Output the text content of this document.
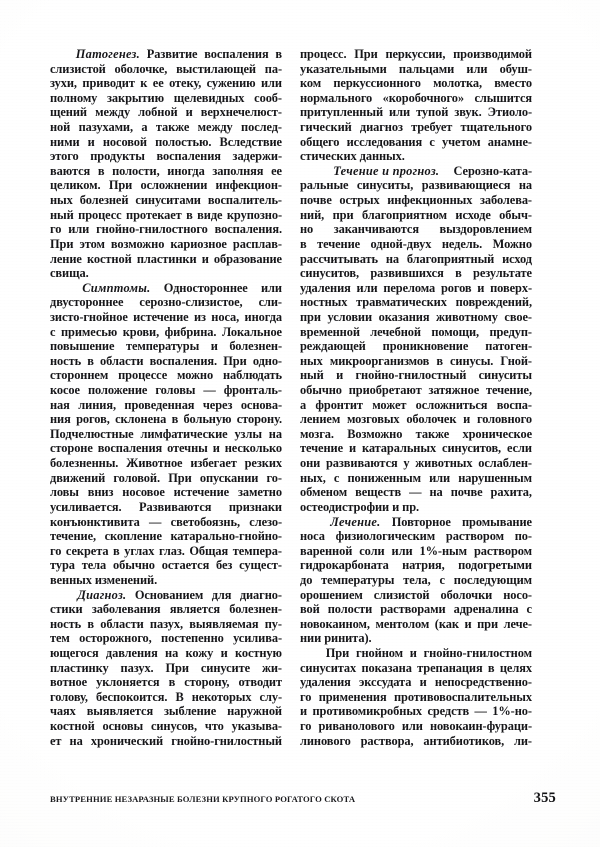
Патогенез. Развитие воспаления в
слизистой оболочке, выстилающей па-
зухи, приводит к ее отеку, сужению или
полному закрытию щелевидных сооб-
щений между лобной и верхнечелюст-
ной пазухами, а также между послед-
ними и носовой полостью. Вследствие
этого продукты воспаления задержи-
ваются в полости, иногда заполняя ее
целиком. При осложнении инфекцион-
ных болезней синуситами воспалитель-
ный процесс протекает в виде крупозно-
го или гнойно-гнилостного воспаления.
При этом возможно кариозное расплав-
ление костной пластинки и образование
свища.
Симптомы. Одностороннее или
двустороннее серозно-слизистое, сли-
зисто-гнойное истечение из носа, иногда
с примесью крови, фибрина. Локальное
повышение температуры и болезнен-
ность в области воспаления. При одно-
стороннем процессе можно наблюдать
косое положение головы — фронталь-
ная линия, проведенная через основа-
ния рогов, склонена в больную сторону.
Подчелюстные лимфатические узлы на
стороне воспаления отечны и несколько
болезненны. Животное избегает резких
движений головой. При опускании го-
ловы вниз носовое истечение заметно
усиливается. Развиваются признаки
конъюнктивита — светобоязнь, слезо-
течение, скопление катарально-гнойно-
го секрета в углах глаз. Общая темпера-
тура тела обычно остается без сущест-
венных изменений.
Диагноз. Основанием для диагно-
стики заболевания является болезнен-
ность в области пазух, выявляемая пу-
тем осторожного, постепенно усилива-
ющегося давления на кожу и костную
пластинку пазух. При синусите жи-
вотное уклоняется в сторону, отводит
голову, беспокоится. В некоторых слу-
чаях выявляется зыбление наружной
костной основы синусов, что указыва-
ет на хронический гнойно-гнилостный
процесс. При перкуссии, производимой
указательными пальцами или обуш-
ком перкуссионного молотка, вместо
нормального «коробочного» слышится
притупленный или тупой звук. Этиоло-
гический диагноз требует тщательного
общего исследования с учетом анамне-
стических данных.
Течение и прогноз. Серозно-ката-
ральные синуситы, развивающиеся на
почве острых инфекционных заболева-
ний, при благоприятном исходе обыч-
но заканчиваются выздоровлением
в течение одной-двух недель. Можно
рассчитывать на благоприятный исход
синуситов, развившихся в результате
удаления или перелома рогов и поверх-
ностных травматических повреждений,
при условии оказания животному свое-
временной лечебной помощи, предуп-
реждающей проникновение патоген-
ных микроорганизмов в синусы. Гной-
ный и гнойно-гнилостный синуситы
обычно приобретают затяжное течение,
а фронтит может осложниться воспа-
лением мозговых оболочек и головного
мозга. Возможно также хроническое
течение и катаральных синуситов, если
они развиваются у животных ослаблен-
ных, с пониженным или нарушенным
обменом веществ — на почве рахита,
остеодистрофии и пр.
Лечение. Повторное промывание
носа физиологическим раствором по-
варенной соли или 1%-ным раствором
гидрокарбоната натрия, подогретыми
до температуры тела, с последующим
орошением слизистой оболочки носо-
вой полости растворами адреналина с
новокаином, ментолом (как и при лече-
нии ринита).
При гнойном и гнойно-гнилостном
синуситах показана трепанация в целях
удаления экссудата и непосредственно-
го применения противовоспалительных
и противомикробных средств — 1%-но-
го риванолового или новокаин-фураци-
линового раствора, антибиотиков, ли-
ВНУТРЕННИЕ НЕЗАРАЗНЫЕ БОЛЕЗНИ КРУПНОГО РОГАТОГО СКОТА	355
